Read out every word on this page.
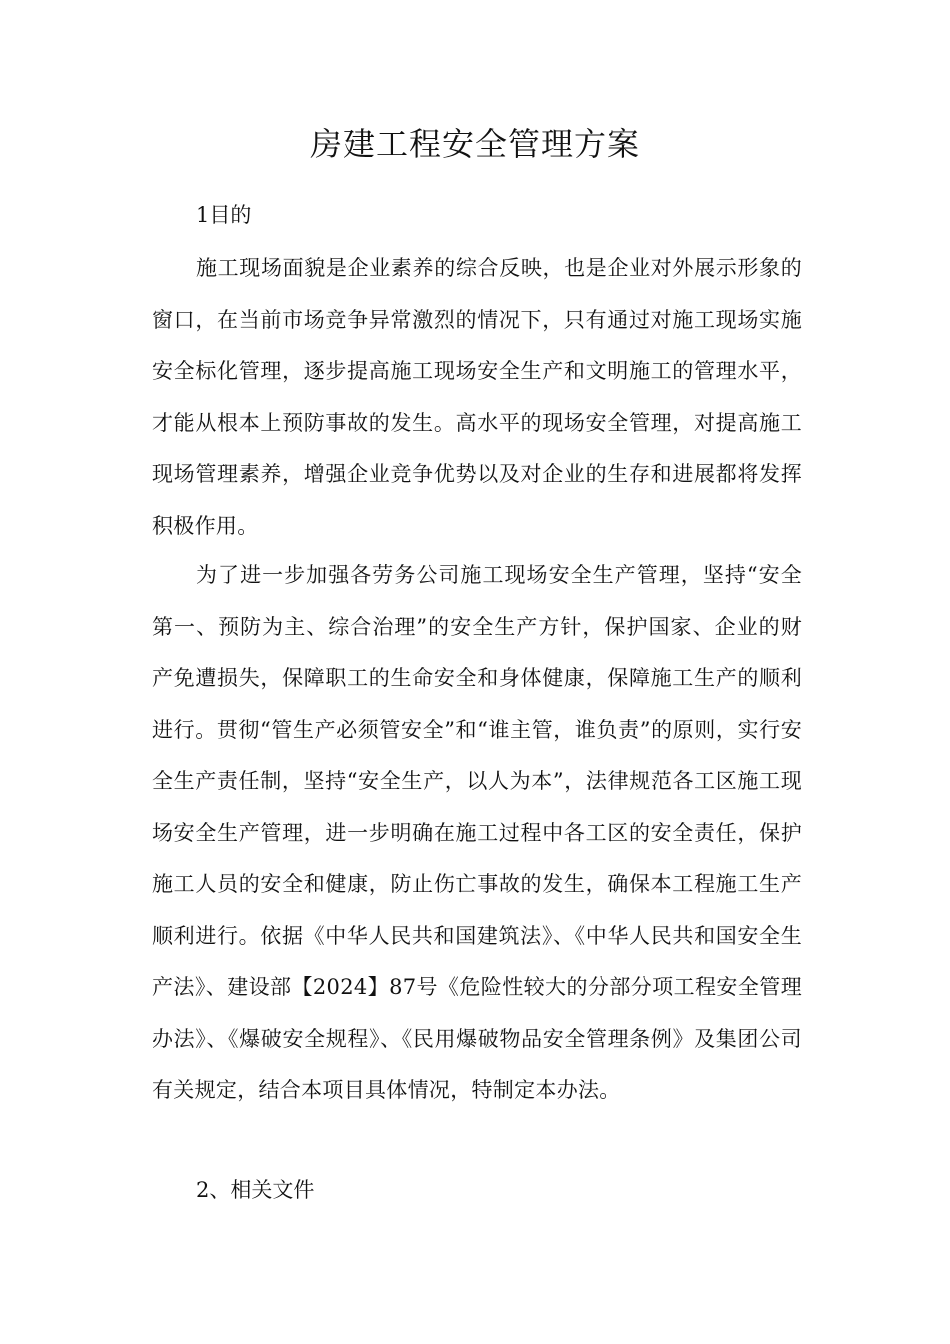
房建工程安全管理方案

1目的

施工现场面貌是企业素养的综合反映，也是企业对外展示形象的窗口，在当前市场竞争异常激烈的情况下，只有通过对施工现场实施安全标化管理，逐步提高施工现场安全生产和文明施工的管理水平，才能从根本上预防事故的发生。高水平的现场安全管理，对提高施工现场管理素养，增强企业竞争优势以及对企业的生存和进展都将发挥积极作用。

为了进一步加强各劳务公司施工现场安全生产管理，坚持“安全第一、预防为主、综合治理”的安全生产方针，保护国家、企业的财产免遭损失，保障职工的生命安全和身体健康，保障施工生产的顺利进行。贯彻“管生产必须管安全”和“谁主管，谁负责”的原则，实行安全生产责任制，坚持“安全生产，以人为本”，法律规范各工区施工现场安全生产管理，进一步明确在施工过程中各工区的安全责任，保护施工人员的安全和健康，防止伤亡事故的发生，确保本工程施工生产顺利进行。依据《中华人民共和国建筑法》、《中华人民共和国安全生产法》、建设部【2024】87号《危险性较大的分部分项工程安全管理办法》、《爆破安全规程》、《民用爆破物品安全管理条例》及集团公司有关规定，结合本项目具体情况，特制定本办法。

2、相关文件
